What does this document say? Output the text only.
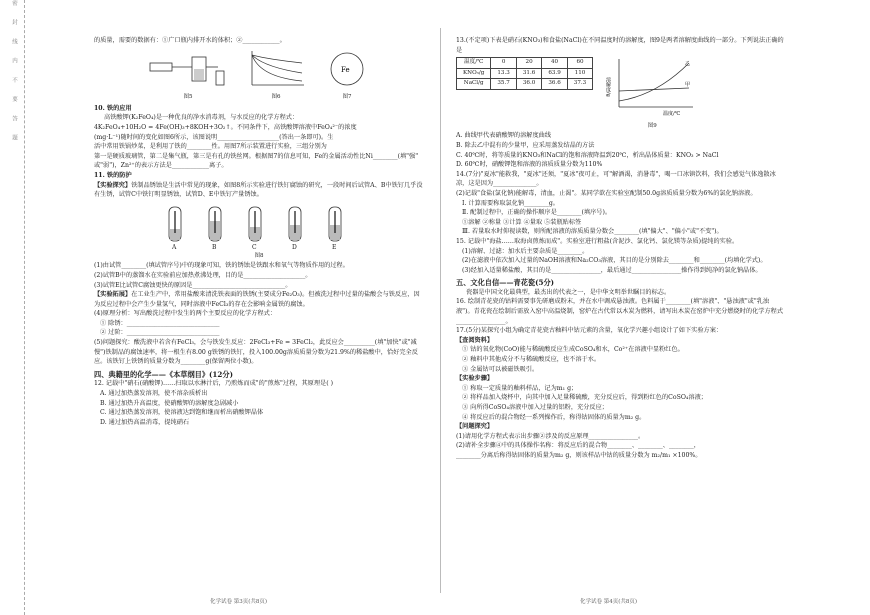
密 封 线 内 不 要 答 题	的质量，需要的数据有：①广口瓶内排开水的体积；②____________。

图5	图6
Fe
图7

10. 铁的应用

高铁酸钾(K₂FeO₄)是一种优良的净水消毒剂，与水反应的化学方程式：

4K₂FeO₄+10H₂O = 4Fe(OH)₃+8KOH+3O₂↑。不同条件下，高铁酸钾溶液中FeO₄²⁻的浓度

(mg·L⁻¹)随时间的变化如图6所示，该图说明____________________(答出一条即可)。生

活中常用铁锅炒菜，是利用了铁的________性。用图7所示装置进行实验，三组分别为

第一是硬质玻璃管，第二是集气瓶，第三是有孔的铁丝网。根据图7的信息可知，Fe的金属活动性比Ni________(填"强"

或"弱")，Zn²⁺的表示方法是____________离子。

11. 铁的防护

【实验探究】铁制品锈蚀是生活中常见的现象，如图8所示实验进行铁钉腐蚀的研究，一段时间后试管A、B中铁钉几乎没有生锈，试管C中铁钉明显锈蚀，试管D、E中铁钉产量锈蚀。

A	B	C	D	E

图8

(1)由试管________(填试管序号)中的现象可知，铁的锈蚀是铁跟水和氧气等物质作用的过程。

(2)试管B中的蒸馏水在实验前应加热煮沸处理，目的是____________________。

(3)试管E比试管C腐蚀更快的原因是______________________________。

【实验拓展】在工业生产中，常用盐酸来清洗铁表面的铁锈(主要成分Fe₂O₃)。但被洗过程中过量的盐酸会与铁反应，因为反应过程中会产生少量氢气，同时溶液中FeCl₃的存在会影响金属铁的腐蚀。

(4)原理分析：写出酸洗过程中发生的两个主要反应的化学方程式：

① 除锈：______________________________

② 过阶：______________________________

(5)问题探究：酸洗液中若含有FeCl₃，会与铁发生反应：2FeCl₃+Fe = 3FeCl₂，此反应会__________(填"加快"或"减慢")铁制品的腐蚀速率，将一根生有8.00 g铁锈的铁钉，投入100.00g溶质质量分数为21.9%的稀盐酸中，恰好完全反应。该铁钉上铁锈的质量分数为________g(保留两位小数)。

四、典籍里的化学——《本草纲目》(12分)

12. 记载中"硝石(硝酸钾)……扫取以水淋汁后，乃煎炼而成"的"煎炼"过程，其原理是( )

A. 通过加热蒸发溶剂，使不溶杂质析出

B. 通过加热升高温度，使硝酸钾的溶解度急剧减小

C. 通过加热蒸发溶剂，使溶液达到饱和继而析出硝酸钾晶体

D. 通过加热高温消毒，提纯硝石

13.(不定项)下表是硝石(KNO₃)和食盐(NaCl)在不同温度时的溶解度，图9是两者溶解度曲线的一部分。下列说法正确的是

温度/℃	0	20	40	60
KNO₃/g	13.3	31.6	63.9	110
NaCl/g	35.7	36.0	36.6	37.3
乙
甲
温度/℃
溶解度/g
图9

A. 曲线甲代表硝酸钾的溶解度曲线

B. 除去乙中混有的少量甲，应采用蒸发结晶的方法

C. 40℃时，将等质量的KNO₃和NaCl的饱和溶液降温到20℃，析出晶体质量：KNO₃ > NaCl

D. 60℃时，硝酸钾饱和溶液的溶质质量分数为110%

14.(7分)"夏冰"能救我，"夏冰"还须，"夏冰"夜可止，可"解酒渴，消暑毒"，喝一口冰镇饮料，我们会感觉气体逸散冰凉，这是因为______________。

(2)记载"食盐(氯化钠)能解毒，清血，止渴"。某同学欲在实验室配制50.0g溶质质量分数为6%的氯化钠溶液。

Ⅰ. 计算需要称取氯化钠________g。

Ⅱ. 配制过程中，正确的操作顺序是________(填序号)。

①溶解 ②称量 ③计算 ④量取 ⑤装瓶贴标签

Ⅲ. 若量取水时仰视读数，则所配溶液的溶质质量分数会________(填"偏大"、"偏小"或"不变")。

15. 记载中"海盐……取海卤煎炼而成"。实验室进行粗盐(含泥沙、氯化钙、氯化镁等杂质)提纯的实验。

(1)溶解、过滤：加水后主要杂质是________。

(2)在滤液中依次加入过量的NaOH溶液和Na₂CO₃溶液，其目的是分别除去________和________(均填化学式)。

(3)经加入适量稀盐酸，其目的是________________，最后通过________________操作得到纯净的氯化钠晶体。

五、文化自信——青花瓷(5分)

瓷器是中国文化最典型，最杰出的代表之一，是中华文明举世瞩目的标志。

16. 绘制青花瓷的钴料需要事先研磨成粉末，并在水中调成悬浊液。色料属于________(填"溶液"、"悬浊液"或"乳浊液")。青花瓷在绘制后需放入窑中高温烧制，窑炉在古代常以木炭为燃料，请写出木炭在窑炉中充分燃烧时的化学方程式________________。

17.(5分)某探究小组为确定青花瓷古釉料中钴元素的含量，氧化学兴趣小组设计了如下实验方案：

【查阅资料】

① 钴的氧化物(CoO)能与稀硫酸反应生成CoSO₄和水，Co²⁺在溶液中显粉红色。

② 釉料中其他成分不与稀硫酸反应，也不溶于水。

③ 金属钴可以被磁铁吸引。

【实验步骤】

① 称取一定质量的釉料样品，记为m₁ g；

② 将样品加入烧杯中，向其中加入足量稀硫酸，充分反应后，得到粉红色的CoSO₄溶液；

③ 向所得CoSO₄溶液中加入过量的铝粉，充分反应；

④ 将反应后的混合物经一系列操作后，称得钴固体的质量为m₂ g。

【问题探究】

(1)请用化学方程式表示出步骤②涉及的反应原理________________。

(2)请补全步骤④中的具体操作名称：将反应后的混合物________、________、________，

________分离后称得钴固体的质量为m₂ g，则该样品中钴的质量分数为 m₂/m₁ ×100%。

化学试卷 第3页(共8页)	化学试卷 第4页(共8页)
